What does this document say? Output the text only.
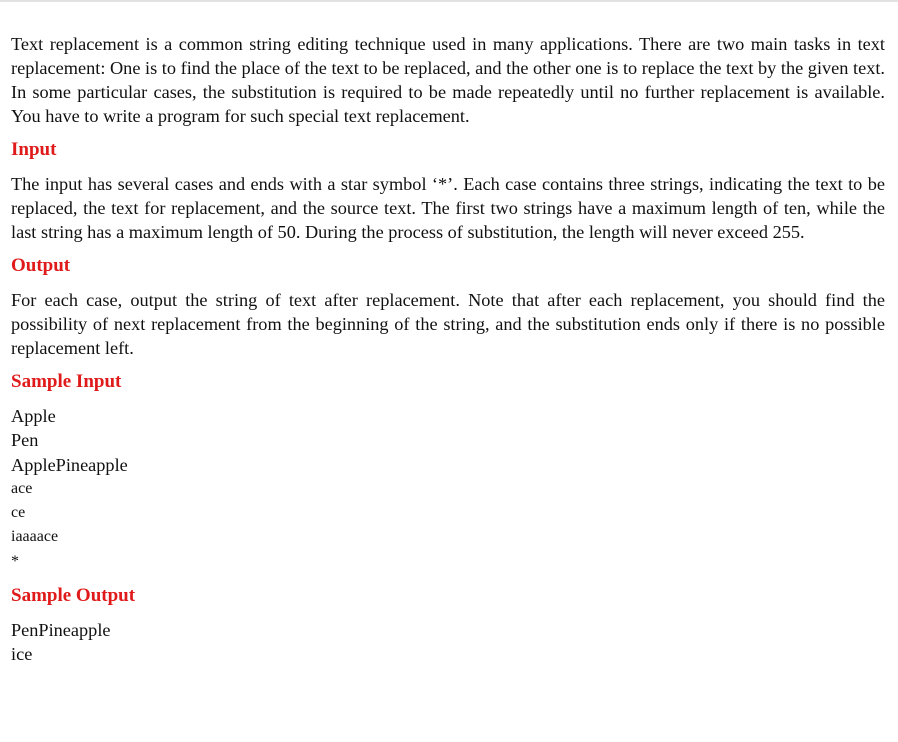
Text replacement is a common string editing technique used in many applications. There are two main tasks in text replacement: One is to find the place of the text to be replaced, and the other one is to replace the text by the given text. In some particular cases, the substitution is required to be made repeatedly until no further replacement is available. You have to write a program for such special text replacement.

Input

The input has several cases and ends with a star symbol ‘*’. Each case contains three strings, indicating the text to be replaced, the text for replacement, and the source text. The first two strings have a maximum length of ten, while the last string has a maximum length of 50. During the process of substitution, the length will never exceed 255.

Output

For each case, output the string of text after replacement. Note that after each replacement, you should find the possibility of next replacement from the beginning of the string, and the substitution ends only if there is no possible replacement left.

Sample Input
Apple
Pen
ApplePineapple
ace
ce
iaaaace
*
Sample Output
PenPineapple
ice
